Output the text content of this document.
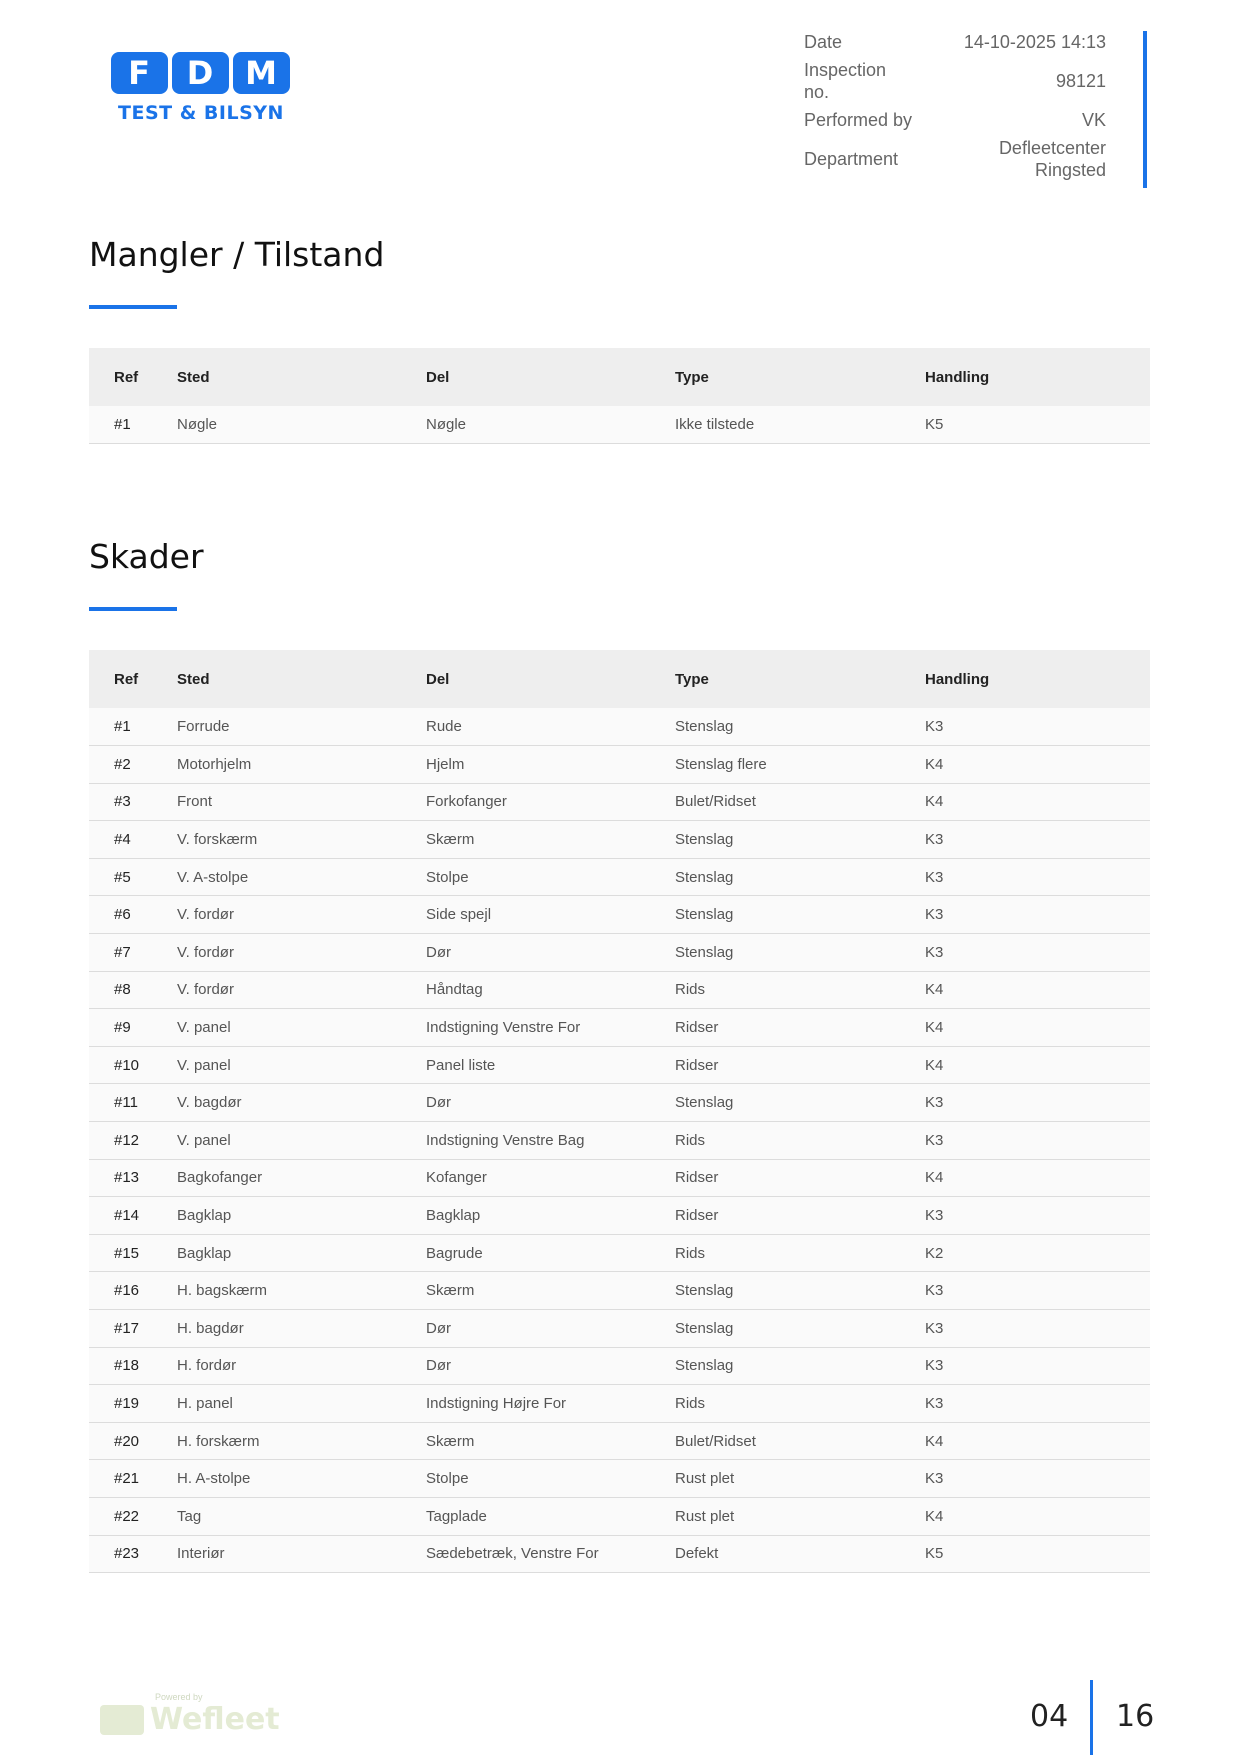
F D M
TEST & BILSYN
Date	14-10-2025 14:13
Inspection no.
98121
Performed by	VK
Department
Defleetcenter Ringsted
Mangler / Tilstand
Ref	Sted	Del	Type	Handling
#1	Nøgle	Nøgle	Ikke tilstede	K5
Skader
Ref	Sted	Del	Type	Handling
#1	Forrude	Rude	Stenslag	K3
#2	Motorhjelm	Hjelm	Stenslag flere	K4
#3	Front	Forkofanger	Bulet/Ridset	K4
#4	V. forskærm	Skærm	Stenslag	K3
#5	V. A-stolpe	Stolpe	Stenslag	K3
#6	V. fordør	Side spejl	Stenslag	K3
#7	V. fordør	Dør	Stenslag	K3
#8	V. fordør	Håndtag	Rids	K4
#9	V. panel	Indstigning Venstre For	Ridser	K4
#10	V. panel	Panel liste	Ridser	K4
#11	V. bagdør	Dør	Stenslag	K3
#12	V. panel	Indstigning Venstre Bag	Rids	K3
#13	Bagkofanger	Kofanger	Ridser	K4
#14	Bagklap	Bagklap	Ridser	K3
#15	Bagklap	Bagrude	Rids	K2
#16	H. bagskærm	Skærm	Stenslag	K3
#17	H. bagdør	Dør	Stenslag	K3
#18	H. fordør	Dør	Stenslag	K3
#19	H. panel	Indstigning Højre For	Rids	K3
#20	H. forskærm	Skærm	Bulet/Ridset	K4
#21	H. A-stolpe	Stolpe	Rust plet	K3
#22	Tag	Tagplade	Rust plet	K4
#23	Interiør	Sædebetræk, Venstre For	Defekt	K5
Powered by
Wefleet	04 16
